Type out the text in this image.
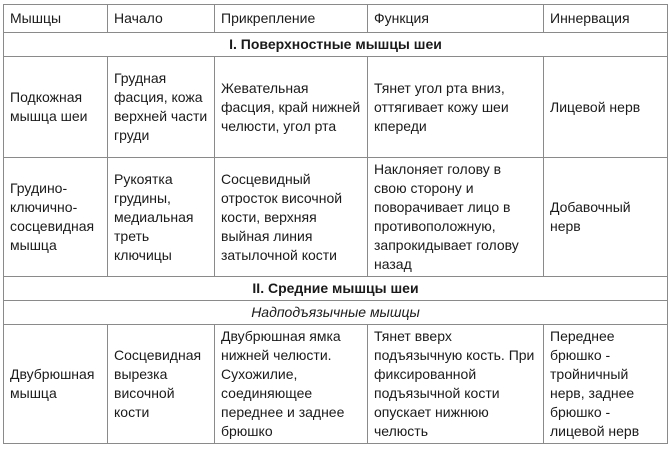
Мышцы	Начало	Прикрепление	Функция	Иннервация
I. Поверхностные мышцы шеи				
Подкожная мышца шеи	Грудная фасция, кожа верхней части груди	Жевательная фасция, край нижней челюсти, угол рта	Тянет угол рта вниз, оттягивает кожу шеи кпереди	Лицевой нерв
Грудино-ключично-сосцевидная мышца	Рукоятка грудины, медиальная треть ключицы	Сосцевидный отросток височной кости, верхняя выйная линия затылочной кости	Наклоняет голову в свою сторону и поворачивает лицо в противоположную, запрокидывает голову назад	Добавочный нерв
II. Средние мышцы шеи				
Надподъязычные мышцы				
Двубрюшная мышца	Сосцевидная вырезка височной кости	Двубрюшная ямка нижней челюсти. Сухожилие, соединяющее переднее и заднее брюшко	Тянет вверх подъязычную кость. При фиксированной подъязычной кости опускает нижнюю челюсть	Переднее брюшко - тройничный нерв, заднее брюшко - лицевой нерв
